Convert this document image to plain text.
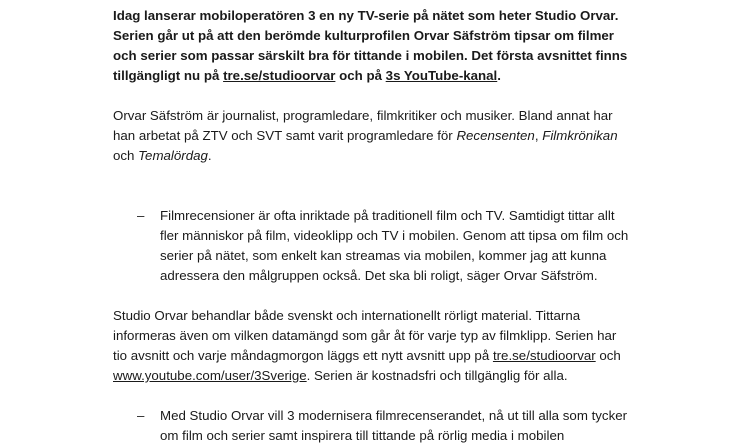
Idag lanserar mobiloperatören 3 en ny TV-serie på nätet som heter Studio Orvar. Serien går ut på att den berömde kulturprofilen Orvar Säfström tipsar om filmer och serier som passar särskilt bra för tittande i mobilen. Det första avsnittet finns tillgängligt nu på tre.se/studioorvar och på 3s YouTube-kanal.

Orvar Säfström är journalist, programledare, filmkritiker och musiker. Bland annat har han arbetat på ZTV och SVT samt varit programledare för Recensenten, Filmkrönikan och Temalördag.

– Filmrecensioner är ofta inriktade på traditionell film och TV. Samtidigt tittar allt fler människor på film, videoklipp och TV i mobilen. Genom att tipsa om film och serier på nätet, som enkelt kan streamas via mobilen, kommer jag att kunna adressera den målgruppen också. Det ska bli roligt, säger Orvar Säfström.

Studio Orvar behandlar både svenskt och internationellt rörligt material. Tittarna informeras även om vilken datamängd som går åt för varje typ av filmklipp. Serien har tio avsnitt och varje måndagmorgon läggs ett nytt avsnitt upp på tre.se/studioorvar och www.youtube.com/user/3Sverige. Serien är kostnadsfri och tillgänglig för alla.

– Med Studio Orvar vill 3 modernisera filmrecenserandet, nå ut till alla som tycker om film och serier samt inspirera till tittande på rörlig media i mobilen
